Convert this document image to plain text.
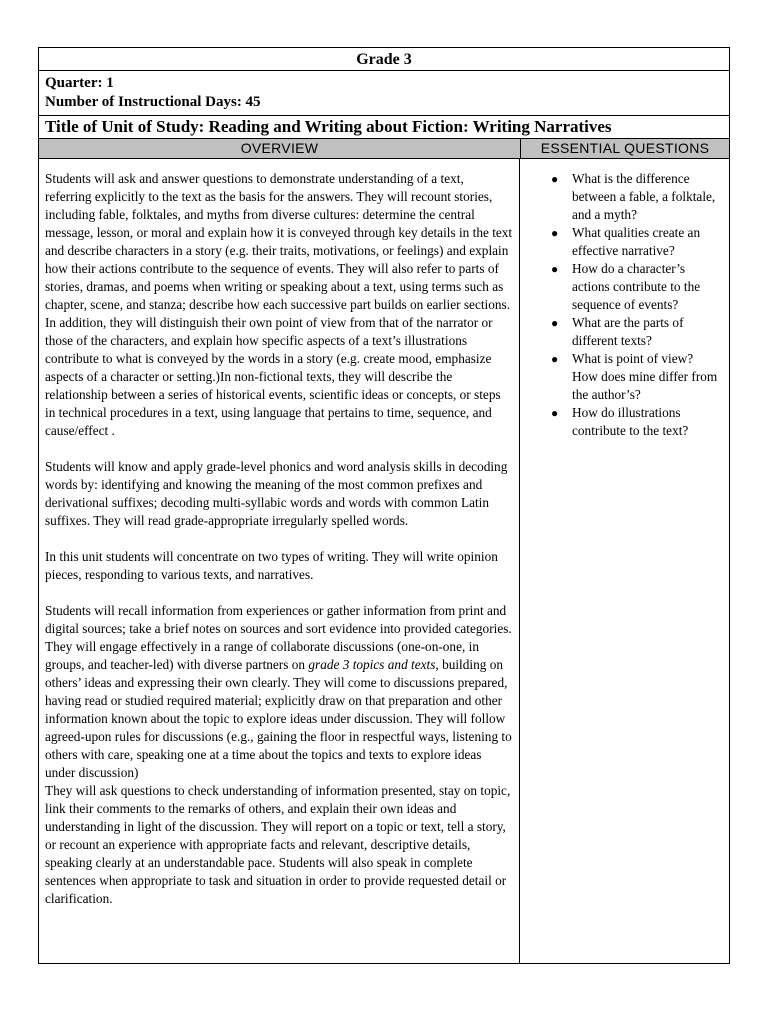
Grade 3
Quarter: 1
Number of Instructional Days: 45
Title of Unit of Study: Reading and Writing about Fiction: Writing Narratives
OVERVIEW	ESSENTIAL QUESTIONS

Students will ask and answer questions to demonstrate understanding of a text, referring explicitly to the text as the basis for the answers. They will recount stories, including fable, folktales, and myths from diverse cultures: determine the central message, lesson, or moral and explain how it is conveyed through key details in the text and describe characters in a story (e.g. their traits, motivations, or feelings) and explain how their actions contribute to the sequence of events. They will also refer to parts of stories, dramas, and poems when writing or speaking about a text, using terms such as chapter, scene, and stanza; describe how each successive part builds on earlier sections. In addition, they will distinguish their own point of view from that of the narrator or those of the characters, and explain how specific aspects of a text’s illustrations contribute to what is conveyed by the words in a story (e.g. create mood, emphasize aspects of a character or setting.)In non-fictional texts, they will describe the relationship between a series of historical events, scientific ideas or concepts, or steps in technical procedures in a text, using language that pertains to time, sequence, and cause/effect .

Students will know and apply grade-level phonics and word analysis skills in decoding words by: identifying and knowing the meaning of the most common prefixes and derivational suffixes; decoding multi-syllabic words and words with common Latin suffixes. They will read grade-appropriate irregularly spelled words.

In this unit students will concentrate on two types of writing. They will write opinion pieces, responding to various texts, and narratives.

Students will recall information from experiences or gather information from print and digital sources; take a brief notes on sources and sort evidence into provided categories. They will engage effectively in a range of collaborate discussions (one-on-one, in groups, and teacher-led) with diverse partners on grade 3 topics and texts, building on others’ ideas and expressing their own clearly. They will come to discussions prepared, having read or studied required material; explicitly draw on that preparation and other information known about the topic to explore ideas under discussion. They will follow agreed-upon rules for discussions (e.g., gaining the floor in respectful ways, listening to others with care, speaking one at a time about the topics and texts to explore ideas under discussion)

They will ask questions to check understanding of information presented, stay on topic, link their comments to the remarks of others, and explain their own ideas and understanding in light of the discussion. They will report on a topic or text, tell a story, or recount an experience with appropriate facts and relevant, descriptive details, speaking clearly at an understandable pace. Students will also speak in complete sentences when appropriate to task and situation in order to provide requested detail or clarification.

● What is the difference between a fable, a folktale, and a myth?
● What qualities create an effective narrative?
● How do a character’s actions contribute to the sequence of events?
● What are the parts of different texts?
● What is point of view? How does mine differ from the author’s?
● How do illustrations contribute to the text?
